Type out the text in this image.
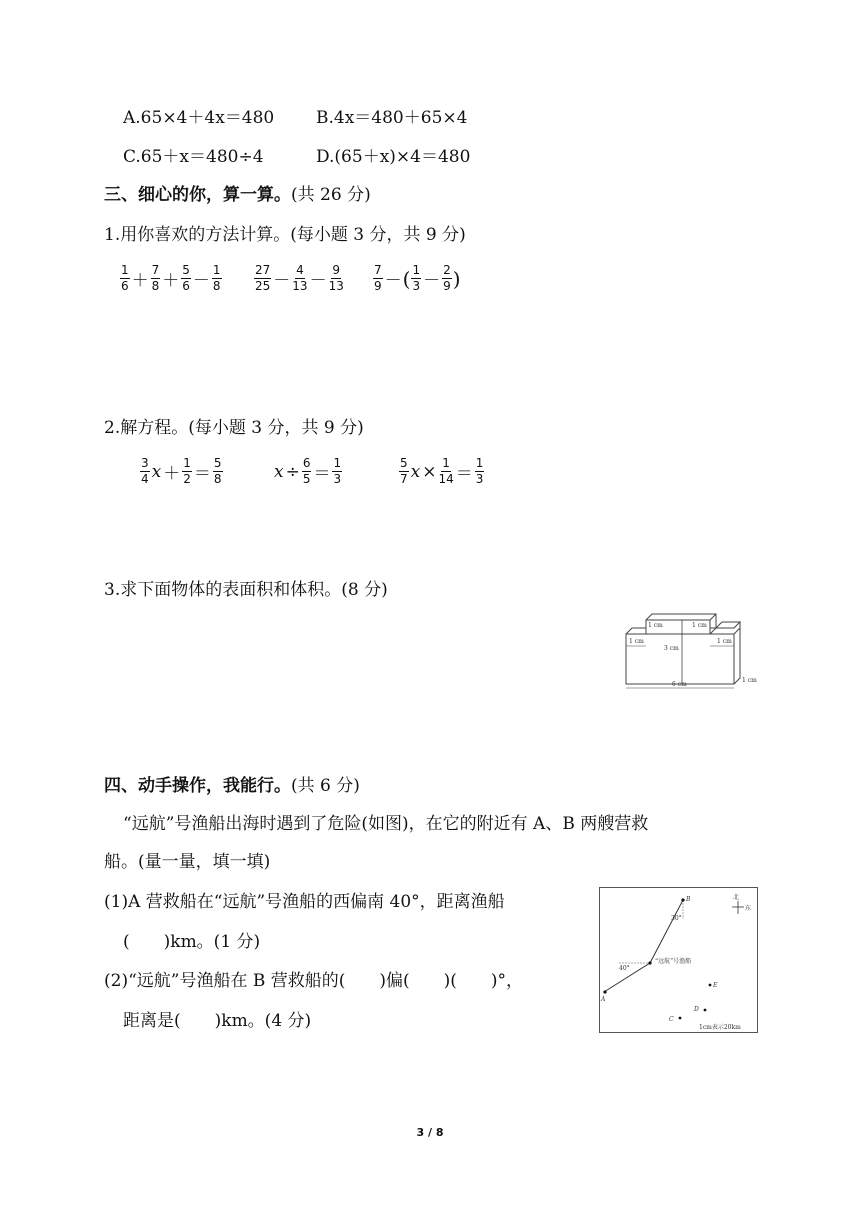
A.65×4＋4x＝480 B.4x＝480＋65×4
C.65＋x＝480÷4	D.(65＋x)×4＝480
三、细心的你，算一算。(共 26 分)
1.用你喜欢的方法计算。(每小题 3 分，共 9 分)
$\frac{1}{6} + \frac{7}{8} + \frac{5}{6} - \frac{1}{8}$	$\frac{27}{25} - \frac{4}{13} - \frac{9}{13} \frac{7}{9}$ － ( $\frac{1}{3} - \frac{2}{9}$ )
2.解方程。(每小题 3 分，共 9 分)
$\frac{3}{4}$ $x + \frac{1}{2} = \frac{5}{8}$	$x \div \frac{6}{5} = \frac{1}{3}$	$\frac{5}{7}$ $x \times \frac{1}{14} = \frac{1}{3}$
3.求下面物体的表面积和体积。(8 分)
1 cm	1 cm
3 cm
1 cm	1 cm
6 cm
1 cm
四、动手操作，我能行。(共 6 分)
“远航”号渔船出海时遇到了危险(如图)，在它的附近有 A、B 两艘营救
船。(量一量，填一填)
(1)A 营救船在“远航”号渔船的西偏南 40°，距离渔船
(　　)km。(1 分)
(2)“远航”号渔船在 B 营救船的(　　)偏(　　)(　　)°，
距离是(　　)km。(4 分)
北
东
B
30°
40°
“远航”号渔船
A
C
D
E
1cm表示20km
3 / 8
